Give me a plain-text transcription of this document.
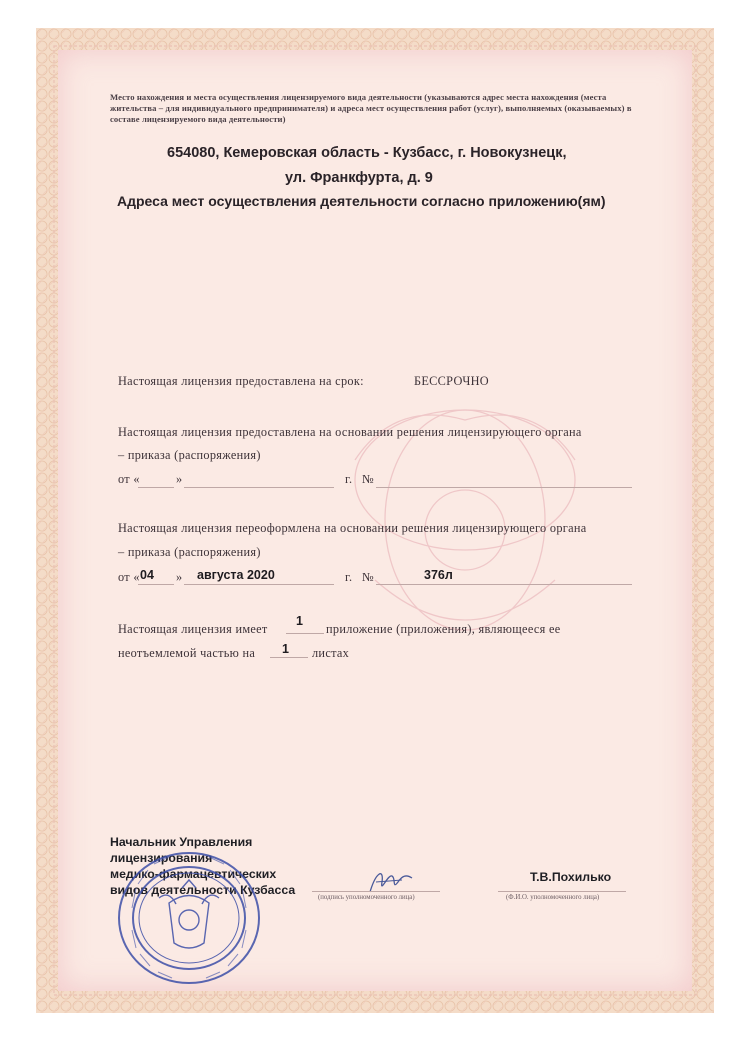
Место нахождения и места осуществления лицензируемого вида деятельности (указываются адрес места нахождения (места жительства – для индивидуального предпринимателя) и адреса мест осуществления работ (услуг), выполняемых (оказываемых) в составе лицензируемого вида деятельности)
654080, Кемеровская область - Кузбасс, г. Новокузнецк,
ул. Франкфурта, д. 9
Адреса мест осуществления деятельности согласно приложению(ям)
Настоящая лицензия предоставлена на срок:	БЕССРОЧНО
Настоящая лицензия предоставлена на основании решения лицензирующего органа
– приказа (распоряжения)
от «	»	г. №
Настоящая лицензия переоформлена на основании решения лицензирующего органа
– приказа (распоряжения)
от « 04 » августа 2020	г. №	376л
Настоящая лицензия имеет
1
приложение (приложения), являющееся ее
неотъемлемой частью на 1 листах
Начальник Управления
лицензирования
медико-фармацевтических
видов деятельности Кузбасса
(подпись уполномоченного лица)
Т.В.Похилько
(Ф.И.О. уполномоченного лица)
